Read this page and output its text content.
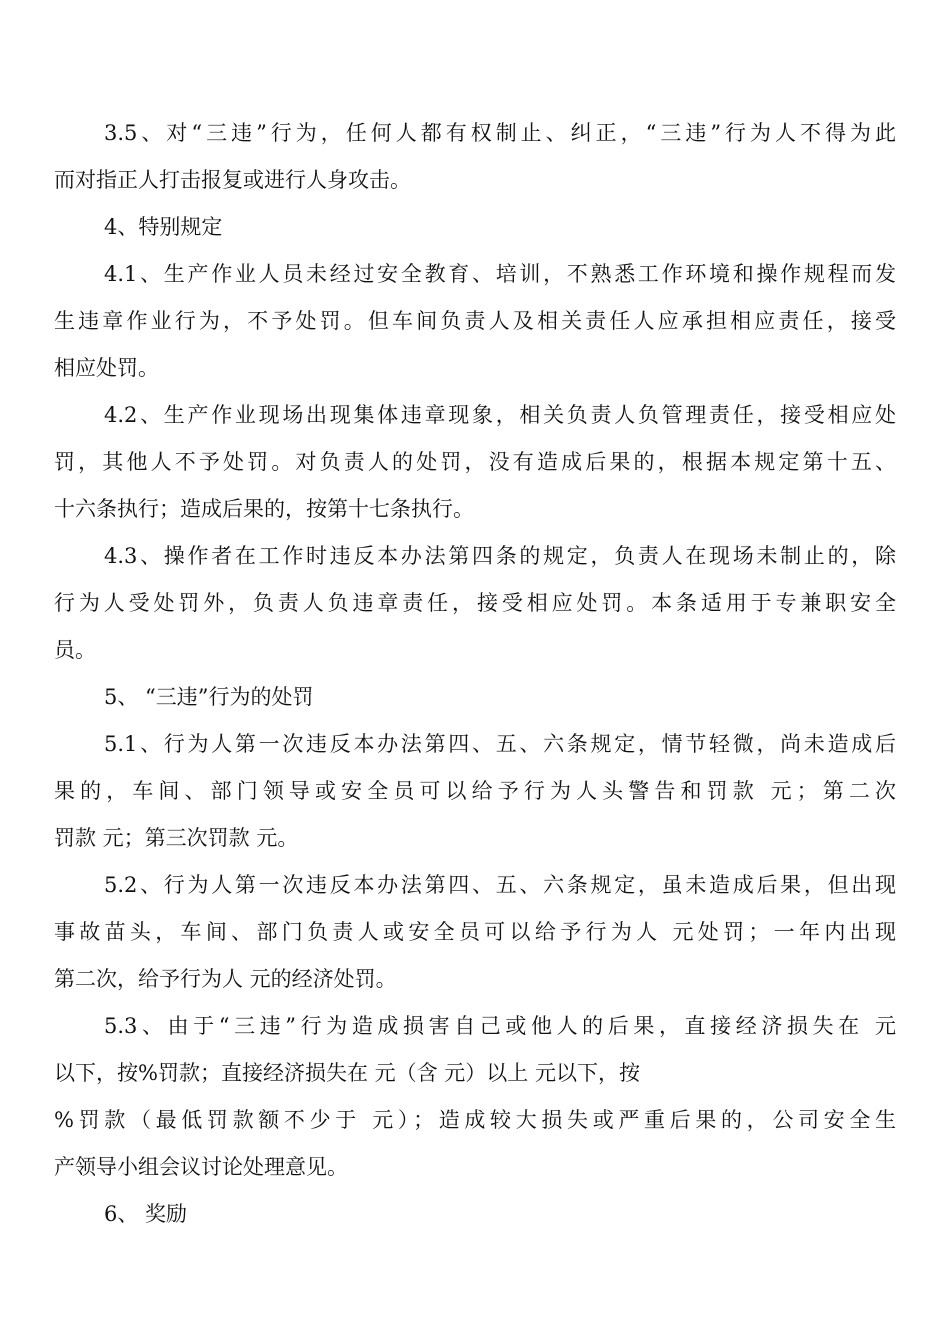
3.5、对“三违”行为，任何人都有权制止、纠正，“三违”行为人不得为此
而对指正人打击报复或进行人身攻击。
4、特别规定
4.1、生产作业人员未经过安全教育、培训，不熟悉工作环境和操作规程而发
生违章作业行为，不予处罚。但车间负责人及相关责任人应承担相应责任，接受
相应处罚。
4.2、生产作业现场出现集体违章现象，相关负责人负管理责任，接受相应处
罚，其他人不予处罚。对负责人的处罚，没有造成后果的，根据本规定第十五、
十六条执行；造成后果的，按第十七条执行。
4.3、操作者在工作时违反本办法第四条的规定，负责人在现场未制止的，除
行为人受处罚外，负责人负违章责任，接受相应处罚。本条适用于专兼职安全
员。
5、 “三违”行为的处罚
5.1、行为人第一次违反本办法第四、五、六条规定，情节轻微，尚未造成后
果的，车间、部门领导或安全员可以给予行为人头警告和罚款 元；第二次
罚款 元；第三次罚款 元。
5.2、行为人第一次违反本办法第四、五、六条规定，虽未造成后果，但出现
事故苗头，车间、部门负责人或安全员可以给予行为人 元处罚；一年内出现
第二次，给予行为人 元的经济处罚。
5.3、由于“三违”行为造成损害自己或他人的后果，直接经济损失在 元
以下，按%罚款；直接经济损失在 元（含 元）以上 元以下，按
%罚款（最低罚款额不少于 元）；造成较大损失或严重后果的，公司安全生
产领导小组会议讨论处理意见。
6、 奖励
